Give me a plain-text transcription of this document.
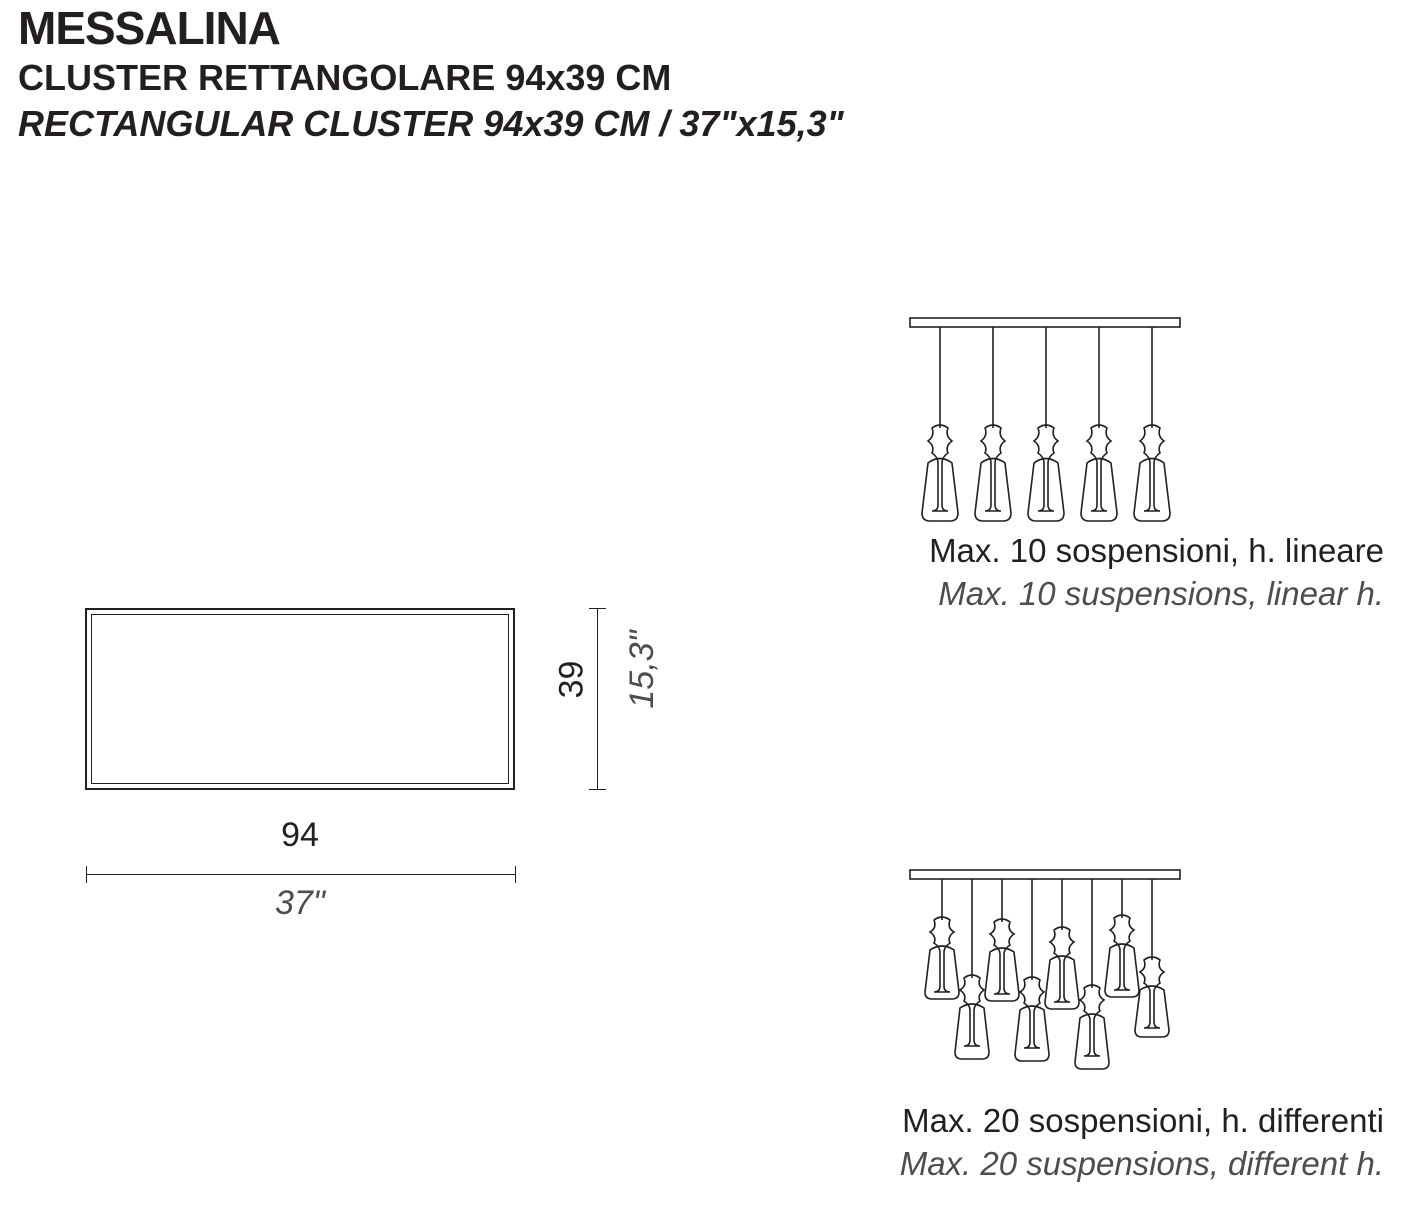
MESSALINA
CLUSTER RETTANGOLARE 94x39 CM
RECTANGULAR CLUSTER 94x39 CM / 37"x15,3"
39 15,3"
94
37"
Max. 10 sospensioni, h. lineare
Max. 10 suspensions, linear h.
Max. 20 sospensioni, h. differenti
Max. 20 suspensions, different h.
